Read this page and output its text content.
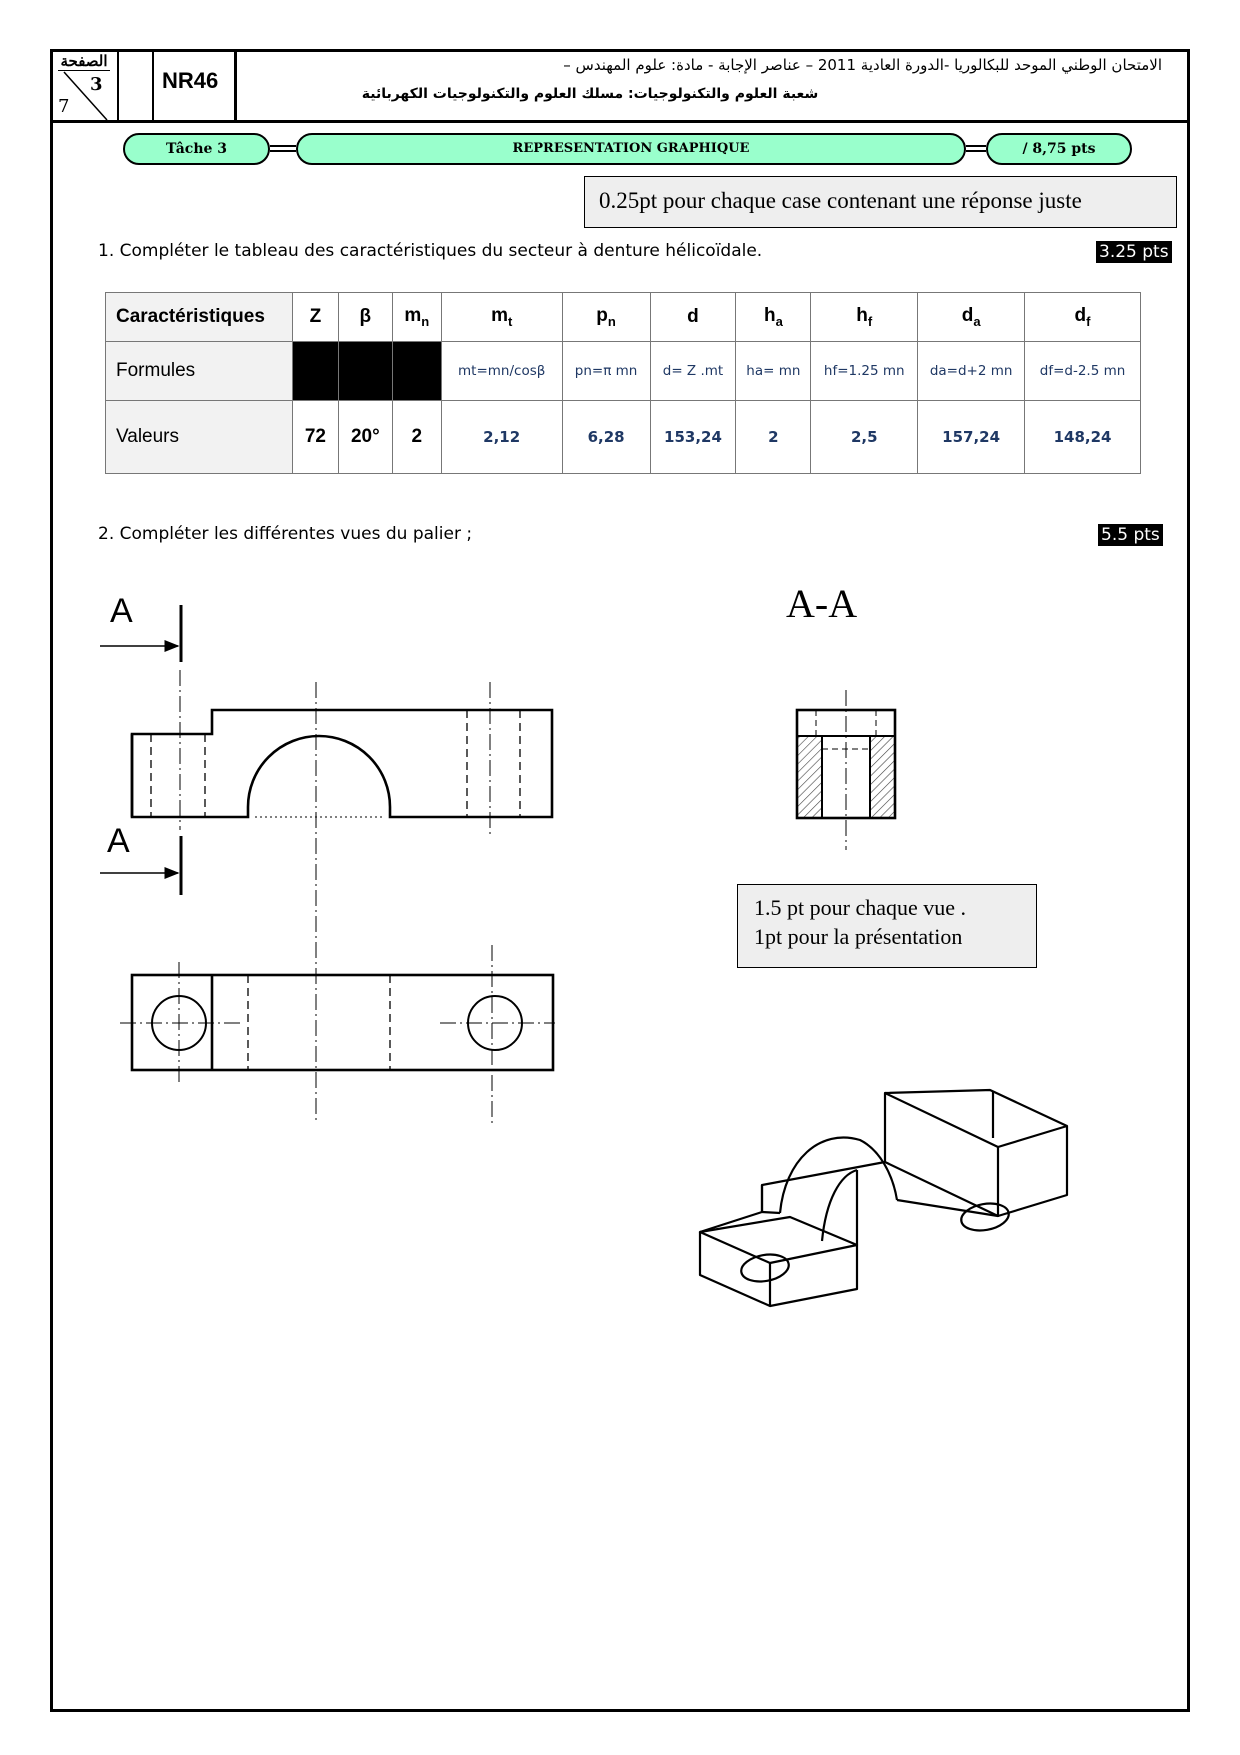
الصفحة
3
7
NR46
الامتحان الوطني الموحد للبكالوريا -الدورة العادية 2011 – عناصر الإجابة - مادة: علوم المهندس –
شعبة العلوم والتكنولوجيات: مسلك العلوم والتكنولوجيات الكهربائية
Tâche 3	REPRESENTATION GRAPHIQUE	/ 8,75 pts
0.25pt pour chaque case contenant une réponse juste
1. Compléter le tableau des caractéristiques du secteur à denture hélicoïdale.	3.25 pts
Caractéristiques	Z	β	$m_n$	$m_t$	$p_n$	d	$h_a$	$h_f$	$d_a$	$d_f$
Formules				mt=mn/cosβ	pn=π mn	d= Z .mt	ha= mn	hf=1.25 mn	da=d+2 mn	df=d-2.5 mn
Valeurs	72	20°	2	2,12	6,28	153,24	2	2,5	157,24	148,24
2. Compléter les différentes vues du palier ;	5.5 pts
A
A
A-A
1.5 pt pour chaque vue .
1pt pour la présentation
